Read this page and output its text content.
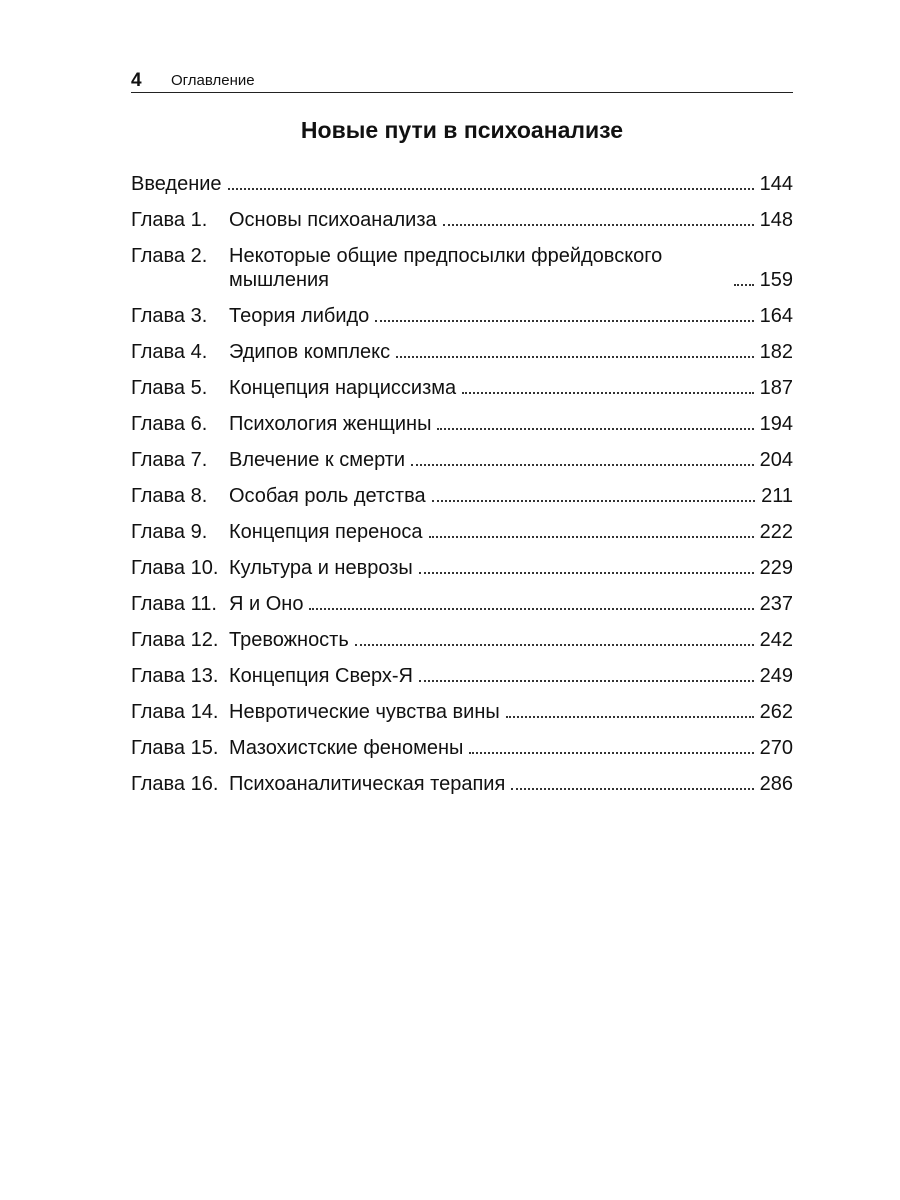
4 Оглавление
Новые пути в психоанализе
Введение	144
Глава 1.	Основы психоанализа	148
Глава 2.	Некоторые общие предпосылки фрейдовского мышления	159
Глава 3.	Теория либидо	164
Глава 4.	Эдипов комплекс	182
Глава 5.	Концепция нарциссизма	187
Глава 6.	Психология женщины	194
Глава 7.	Влечение к смерти	204
Глава 8.	Особая роль детства	211
Глава 9.	Концепция переноса	222
Глава 10. Культура и неврозы	229
Глава 11. Я и Оно	237
Глава 12. Тревожность	242
Глава 13. Концепция Сверх-Я	249
Глава 14. Невротические чувства вины	262
Глава 15. Мазохистские феномены	270
Глава 16. Психоаналитическая терапия	286
